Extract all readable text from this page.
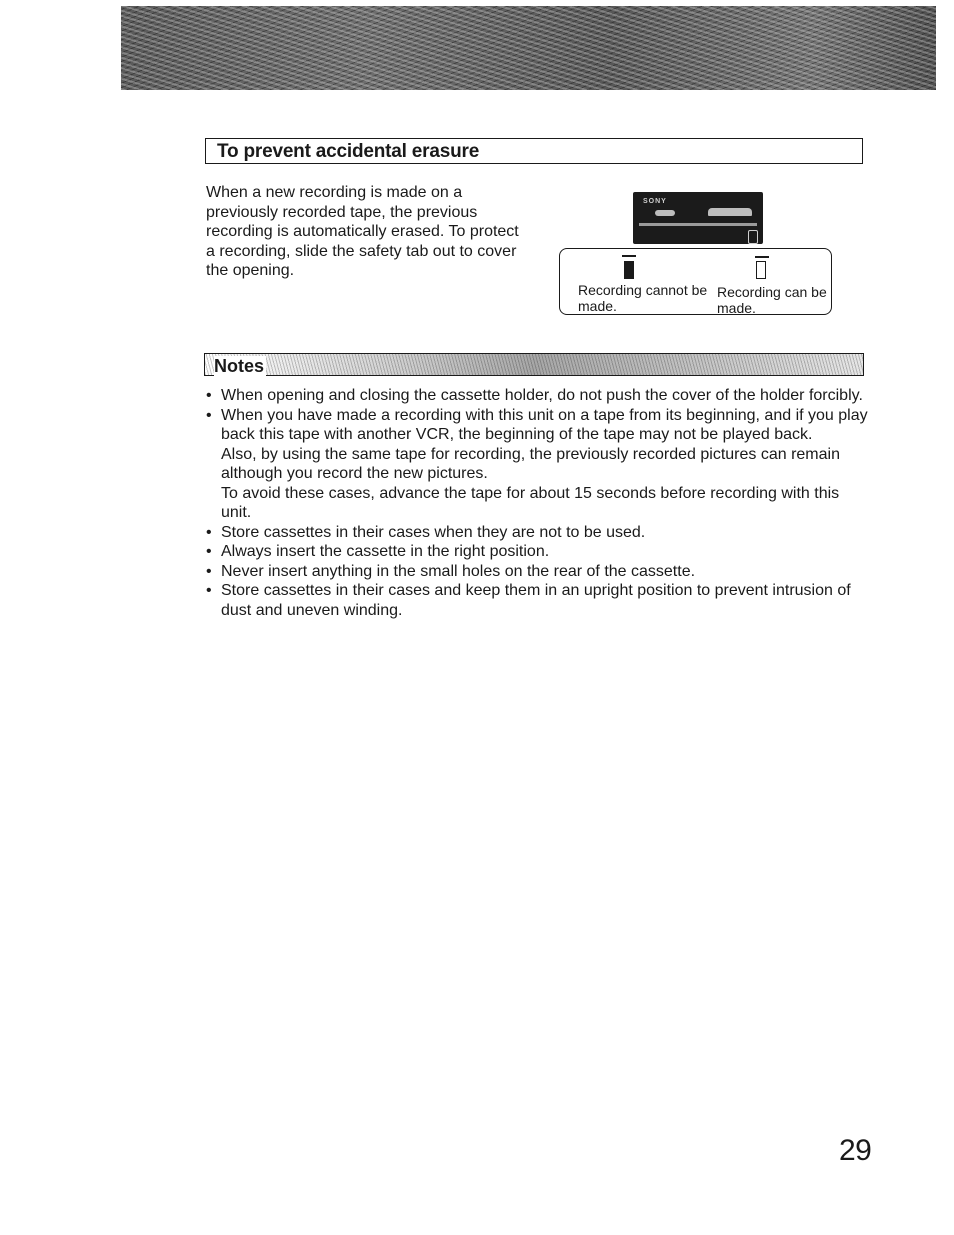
To prevent accidental erasure

When a new recording is made on a previously recorded tape, the previous recording is automatically erased. To protect a recording, slide the safety tab out to cover the opening.

SONY

Recording cannot be made.

Recording can be made.

Notes

• When opening and closing the cassette holder, do not push the cover of the holder forcibly.

• When you have made a recording with this unit on a tape from its beginning, and if you play back this tape with another VCR, the beginning of the tape may not be played back.

Also, by using the same tape for recording, the previously recorded pictures can remain although you record the new pictures.

To avoid these cases, advance the tape for about 15 seconds before recording with this unit.

• Store cassettes in their cases when they are not to be used.

• Always insert the cassette in the right position.

• Never insert anything in the small holes on the rear of the cassette.

• Store cassettes in their cases and keep them in an upright position to prevent intrusion of dust and uneven winding.

29
